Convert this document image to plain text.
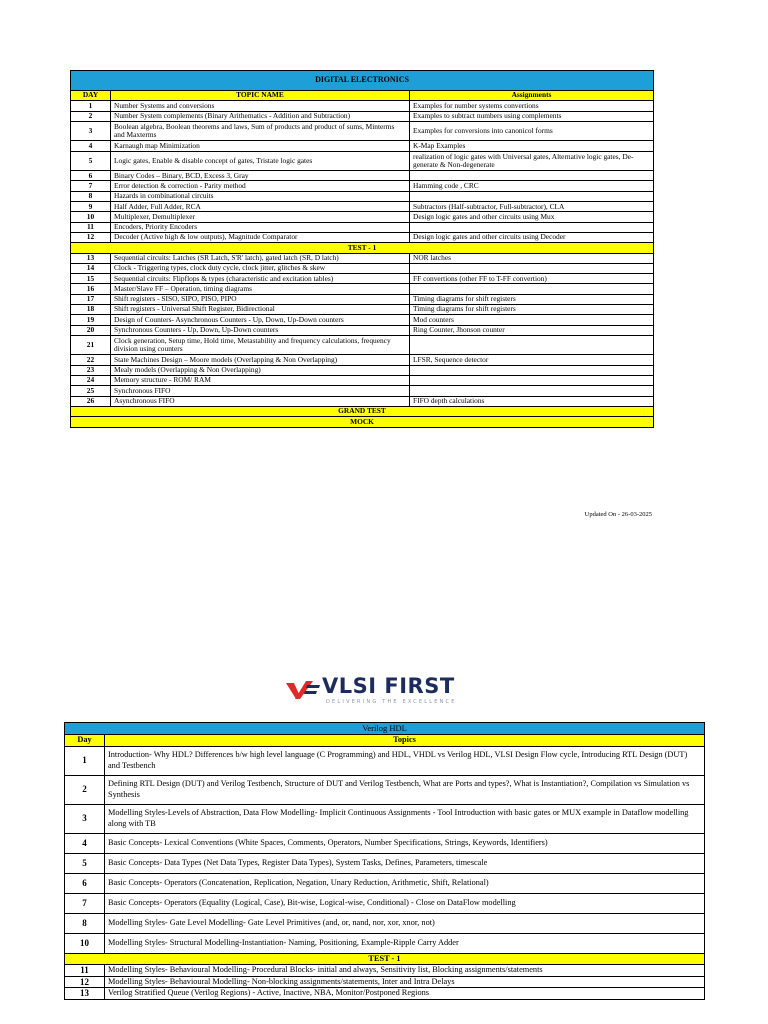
DIGITAL ELECTRONICS		
DAY	TOPIC NAME	Assignments
1	Number Systems and conversions	Examples for number systems convertions
2	Number System complements (Binary Arithematics - Addition and Subtraction)	Examples to subtract numbers using complements
3	Boolean algebra, Boolean theorems and laws, Sum of products and product of sums, Minterms and Maxterms	Examples for conversions into canonicol forms
4	Karnaugh map Minimization	K-Map Examples
5	Logic gates, Enable & disable concept of gates, Tristate logic gates	realization of logic gates with Universal gates, Alternative logic gates, De-generate & Non-degenerate
6	Binary Codes – Binary, BCD, Excess 3, Gray	
7	Error detection & correction - Parity method	Hamming code , CRC
8	Hazards in combinational circuits	
9	Half Adder, Full Adder, RCA	Subtractors (Half-subtractor, Full-subtractor), CLA
10	Multiplexer, Demultiplexer	Design logic gates and other circuits using Mux
11	Encoders, Priority Encoders	
12	Decoder (Active high & low outputs), Magnitude Comparator	Design logic gates and other circuits using Decoder
TEST - 1		
13	Sequential circuits: Latches (SR Latch, S'R' latch), gated latch (SR, D latch)	NOR latches
14	Clock - Triggering types, clock duty cycle, clock jitter, glitches & skew	
15	Sequential circuits: Flipflops & types (characteristic and excitation tables)	FF convertions (other FF to T-FF convertion)
16	Master/Slave FF – Operation, timing diagrams	
17	Shift registers - SISO, SIPO, PISO, PIPO	Timing diagrams for shift registers
18	Shift registers - Universal Shift Register, Bidirectional	Timing diagrams for shift registers
19	Design of Counters- Asynchronous Counters - Up, Down, Up-Down counters	Mod counters
20	Synchronous Counters - Up, Down, Up-Down counters	Ring Counter, Jhonson counter
21	Clock generation, Setup time, Hold time, Metastability and frequency calculations, frequency division using counters	
22	State Machines Design – Moore models (Overlapping & Non Overlapping)	LFSR, Sequence detector
23	Mealy models (Overlapping & Non Overlapping)	
24	Memory structure - ROM/ RAM	
25	Synchronous FIFO	
26	Asynchronous FIFO	FIFO depth calculations
GRAND TEST		
MOCK		
Updated On - 26-03-2025
VLSI FIRST
DELIVERING THE EXCELLENCE
Verilog HDL	
Day	Topics
1	Introduction- Why HDL? Differences b/w high level language (C Programming) and HDL, VHDL vs Verilog HDL, VLSI Design Flow cycle, Introducing RTL Design (DUT) and Testbench
2	Defining RTL Design (DUT) and Verilog Testbench, Structure of DUT and Verilog Testbench, What are Ports and types?, What is Instantiation?, Compilation vs Simulation vs Synthesis
3	Modelling Styles-Levels of Abstraction, Data Flow Modelling- Implicit Continuous Assignments - Tool Introduction with basic gates or MUX example in Dataflow modelling along with TB
4	Basic Concepts- Lexical Conventions (White Spaces, Comments, Operators, Number Specifications, Strings, Keywords, Identifiers)
5	Basic Concepts- Data Types (Net Data Types, Register Data Types), System Tasks, Defines, Parameters, timescale
6	Basic Concepts- Operators (Concatenation, Replication, Negation, Unary Reduction, Arithmetic, Shift, Relational)
7	Basic Concepts- Operators (Equality (Logical, Case), Bit-wise, Logical-wise, Conditional) - Close on DataFlow modelling
8	Modelling Styles- Gate Level Modelling- Gate Level Primitives (and, or, nand, nor, xor, xnor, not)
10	Modelling Styles- Structural Modelling-Instantiation- Naming, Positioning, Example-Ripple Carry Adder
TEST - 1	
11	Modelling Styles- Behavioural Modelling- Procedural Blocks- initial and always, Sensitivity list, Blocking assignments/statements
12	Modelling Styles- Behavioural Modelling- Non-blocking assignments/statements, Inter and Intra Delays
13	Verilog Stratified Queue (Verilog Regions) - Active, Inactive, NBA, Monitor/Postponed Regions
